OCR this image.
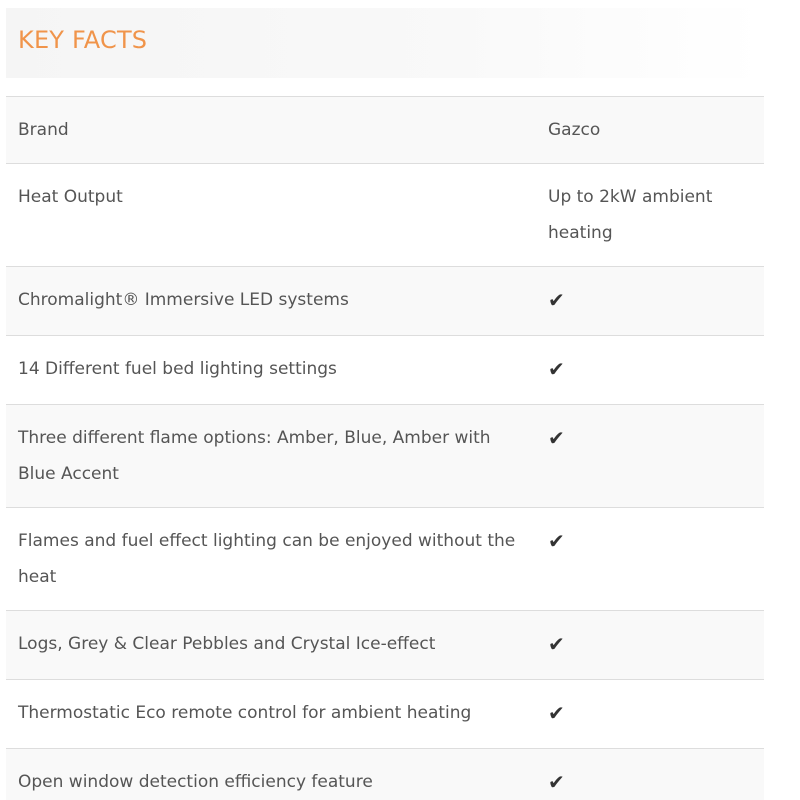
KEY FACTS
Brand	Gazco
Heat Output	Up to 2kW ambient heating
Chromalight® Immersive LED systems	✔
14 Different fuel bed lighting settings	✔
Three different flame options: Amber, Blue, Amber with Blue Accent	✔
Flames and fuel effect lighting can be enjoyed without the heat	✔
Logs, Grey & Clear Pebbles and Crystal Ice-effect	✔
Thermostatic Eco remote control for ambient heating	✔
Open window detection efficiency feature	✔
